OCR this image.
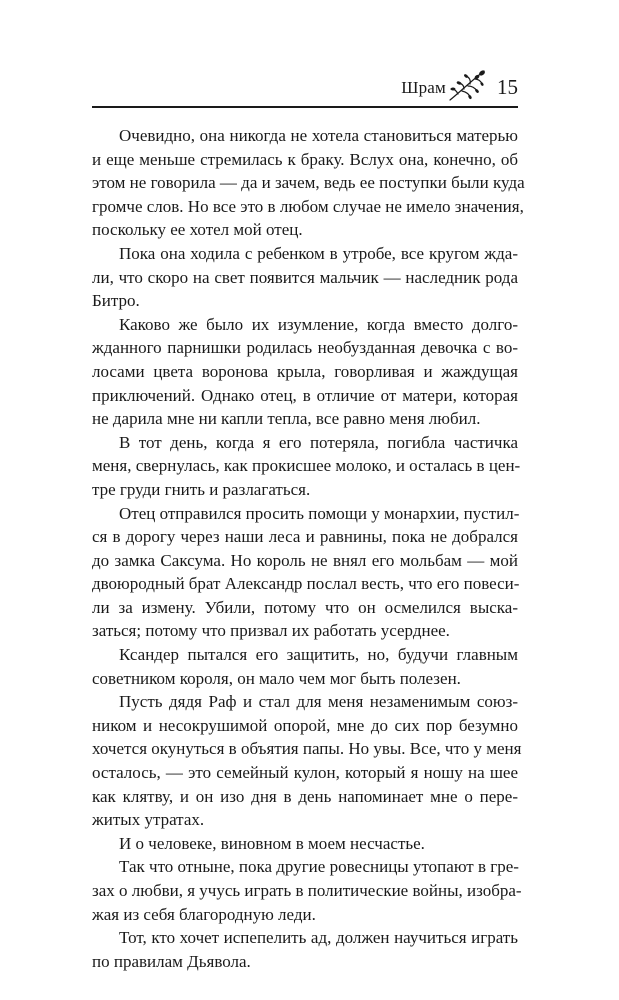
Шрам 15

Очевидно, она никогда не хотела становиться матерью
и еще меньше стремилась к браку. Вслух она, конечно, об
этом не говорила — да и зачем, ведь ее поступки были куда
громче слов. Но все это в любом случае не имело значения,
поскольку ее хотел мой отец.

Пока она ходила с ребенком в утробе, все кругом жда-
ли, что скоро на свет появится мальчик — наследник рода
Битро.

Каково же было их изумление, когда вместо долго-
жданного парнишки родилась необузданная девочка с во-
лосами цвета воронова крыла, говорливая и жаждущая
приключений. Однако отец, в отличие от матери, которая
не дарила мне ни капли тепла, все равно меня любил.

В тот день, когда я его потеряла, погибла частичка
меня, свернулась, как прокисшее молоко, и осталась в цен-
тре груди гнить и разлагаться.

Отец отправился просить помощи у монархии, пустил-
ся в дорогу через наши леса и равнины, пока не добрался
до замка Саксума. Но король не внял его мольбам — мой
двоюродный брат Александр послал весть, что его повеси-
ли за измену. Убили, потому что он осмелился выска-
заться; потому что призвал их работать усерднее.

Ксандер пытался его защитить, но, будучи главным
советником короля, он мало чем мог быть полезен.

Пусть дядя Раф и стал для меня незаменимым союз-
ником и несокрушимой опорой, мне до сих пор безумно
хочется окунуться в объятия папы. Но увы. Все, что у меня
осталось, — это семейный кулон, который я ношу на шее
как клятву, и он изо дня в день напоминает мне о пере-
житых утратах.

И о человеке, виновном в моем несчастье.

Так что отныне, пока другие ровесницы утопают в гре-
зах о любви, я учусь играть в политические войны, изобра-
жая из себя благородную леди.

Тот, кто хочет испепелить ад, должен научиться играть
по правилам Дьявола.
